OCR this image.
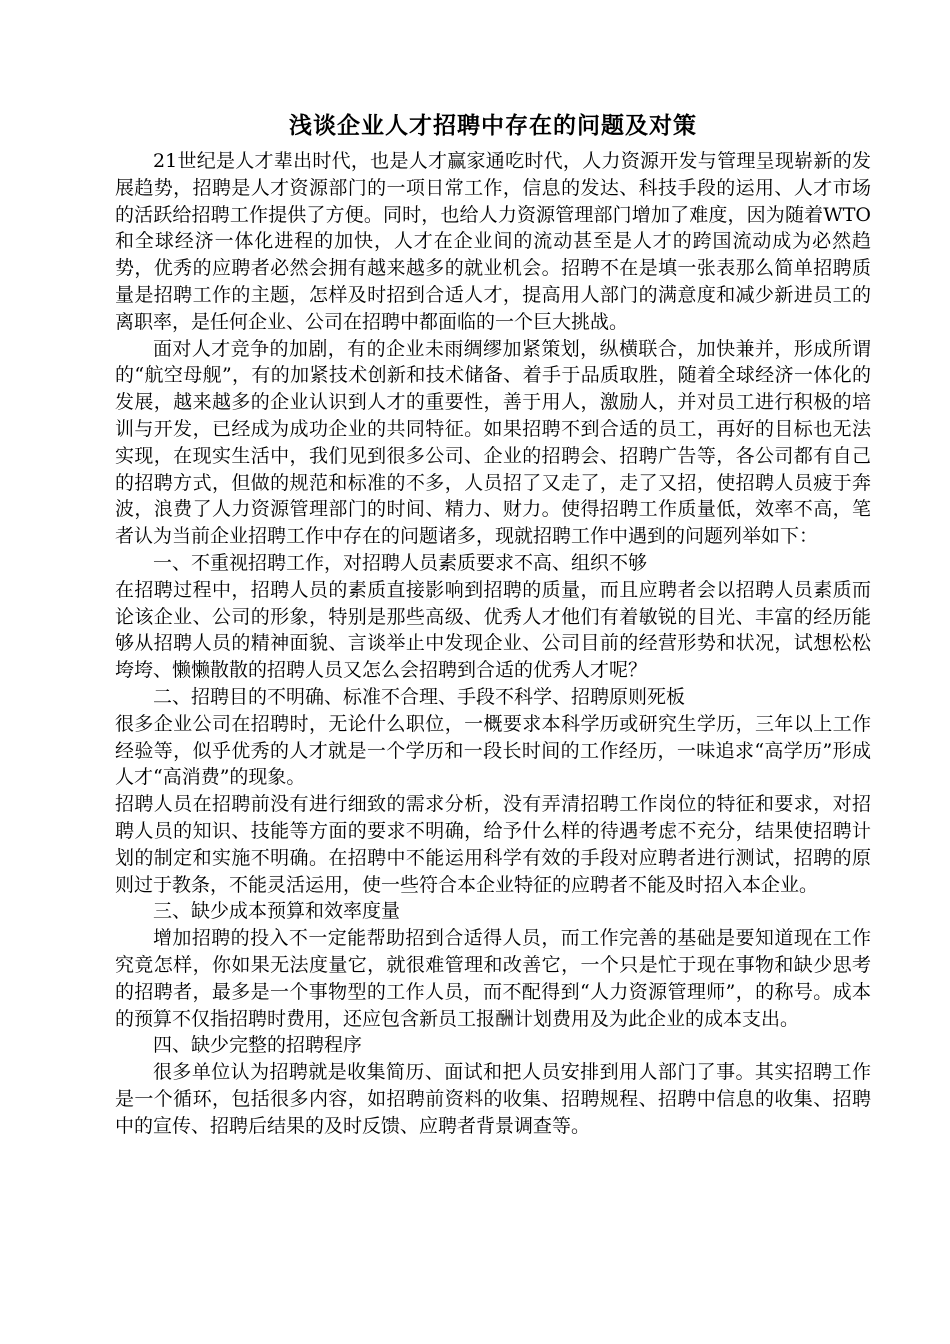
浅谈企业人才招聘中存在的问题及对策

21世纪是人才辈出时代，也是人才赢家通吃时代，人力资源开发与管理呈现崭新的发展趋势，招聘是人才资源部门的一项日常工作，信息的发达、科技手段的运用、人才市场的活跃给招聘工作提供了方便。同时，也给人力资源管理部门增加了难度，因为随着WTO和全球经济一体化进程的加快，人才在企业间的流动甚至是人才的跨国流动成为必然趋势，优秀的应聘者必然会拥有越来越多的就业机会。招聘不在是填一张表那么简单招聘质量是招聘工作的主题，怎样及时招到合适人才，提高用人部门的满意度和减少新进员工的离职率，是任何企业、公司在招聘中都面临的一个巨大挑战。

面对人才竞争的加剧，有的企业未雨绸缪加紧策划，纵横联合，加快兼并，形成所谓的“航空母舰”，有的加紧技术创新和技术储备、着手于品质取胜，随着全球经济一体化的发展，越来越多的企业认识到人才的重要性，善于用人，激励人，并对员工进行积极的培训与开发，已经成为成功企业的共同特征。如果招聘不到合适的员工，再好的目标也无法实现，在现实生活中，我们见到很多公司、企业的招聘会、招聘广告等，各公司都有自己的招聘方式，但做的规范和标准的不多，人员招了又走了，走了又招，使招聘人员疲于奔波，浪费了人力资源管理部门的时间、精力、财力。使得招聘工作质量低，效率不高，笔者认为当前企业招聘工作中存在的问题诸多，现就招聘工作中遇到的问题列举如下：

一、不重视招聘工作，对招聘人员素质要求不高、组织不够

在招聘过程中，招聘人员的素质直接影响到招聘的质量，而且应聘者会以招聘人员素质而论该企业、公司的形象，特别是那些高级、优秀人才他们有着敏锐的目光、丰富的经历能够从招聘人员的精神面貌、言谈举止中发现企业、公司目前的经营形势和状况，试想松松垮垮、懒懒散散的招聘人员又怎么会招聘到合适的优秀人才呢？

二、招聘目的不明确、标准不合理、手段不科学、招聘原则死板

很多企业公司在招聘时，无论什么职位，一概要求本科学历或研究生学历，三年以上工作经验等，似乎优秀的人才就是一个学历和一段长时间的工作经历，一味追求“高学历”形成人才“高消费”的现象。

招聘人员在招聘前没有进行细致的需求分析，没有弄清招聘工作岗位的特征和要求，对招聘人员的知识、技能等方面的要求不明确，给予什么样的待遇考虑不充分，结果使招聘计划的制定和实施不明确。在招聘中不能运用科学有效的手段对应聘者进行测试，招聘的原则过于教条，不能灵活运用，使一些符合本企业特征的应聘者不能及时招入本企业。

三、缺少成本预算和效率度量

增加招聘的投入不一定能帮助招到合适得人员，而工作完善的基础是要知道现在工作究竟怎样，你如果无法度量它，就很难管理和改善它，一个只是忙于现在事物和缺少思考的招聘者，最多是一个事物型的工作人员，而不配得到“人力资源管理师”，的称号。成本的预算不仅指招聘时费用，还应包含新员工报酬计划费用及为此企业的成本支出。

四、缺少完整的招聘程序

很多单位认为招聘就是收集简历、面试和把人员安排到用人部门了事。其实招聘工作是一个循环，包括很多内容，如招聘前资料的收集、招聘规程、招聘中信息的收集、招聘中的宣传、招聘后结果的及时反馈、应聘者背景调查等。
